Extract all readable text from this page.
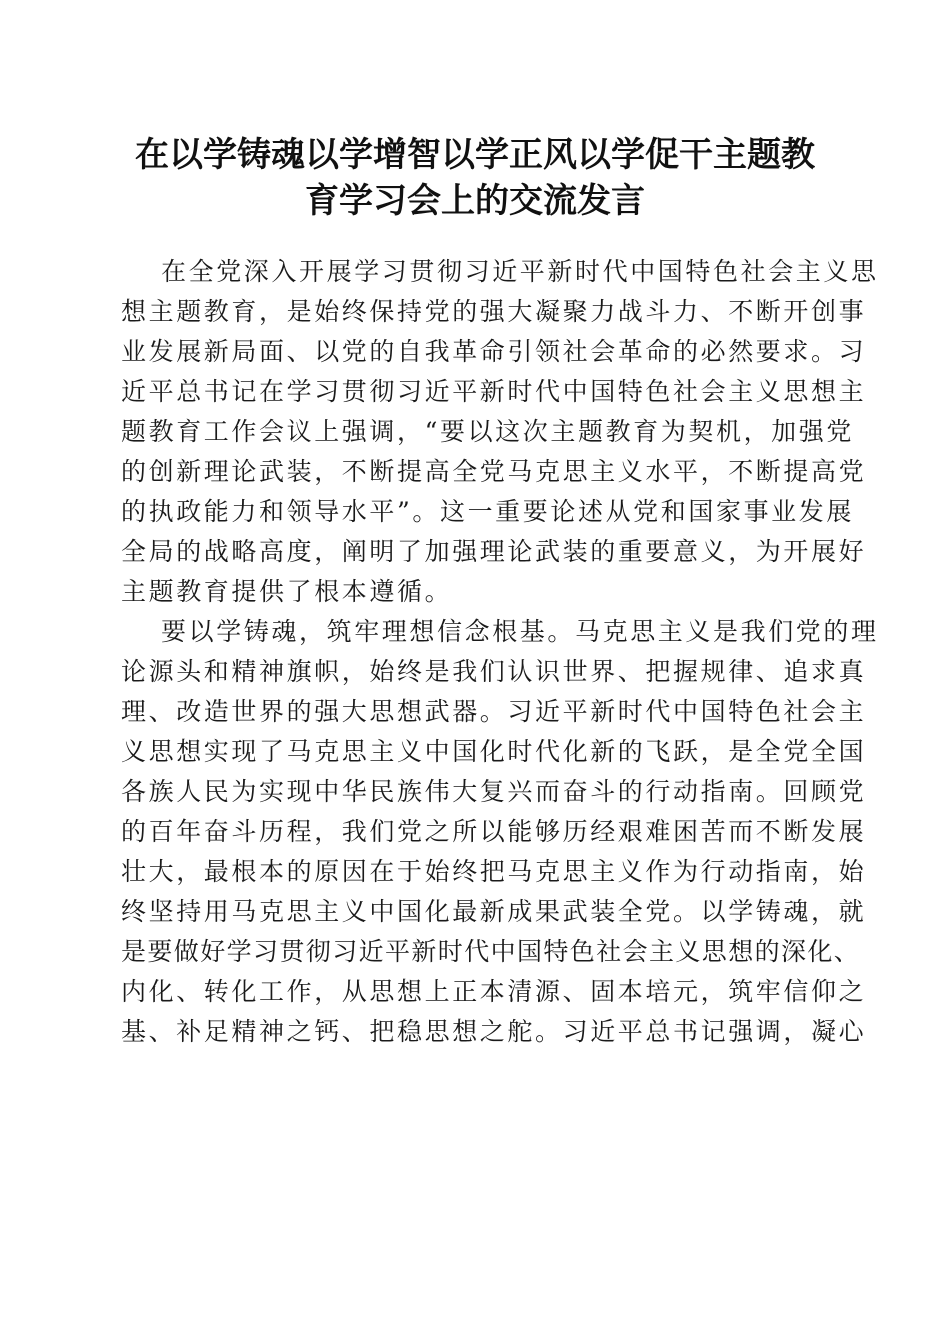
在以学铸魂以学增智以学正风以学促干主题教
育学习会上的交流发言
在全党深入开展学习贯彻习近平新时代中国特色社会主义思
想主题教育，是始终保持党的强大凝聚力战斗力、不断开创事
业发展新局面、以党的自我革命引领社会革命的必然要求。习
近平总书记在学习贯彻习近平新时代中国特色社会主义思想主
题教育工作会议上强调，“要以这次主题教育为契机，加强党
的创新理论武装，不断提高全党马克思主义水平，不断提高党
的执政能力和领导水平”。这一重要论述从党和国家事业发展
全局的战略高度，阐明了加强理论武装的重要意义，为开展好
主题教育提供了根本遵循。
要以学铸魂，筑牢理想信念根基。马克思主义是我们党的理
论源头和精神旗帜，始终是我们认识世界、把握规律、追求真
理、改造世界的强大思想武器。习近平新时代中国特色社会主
义思想实现了马克思主义中国化时代化新的飞跃，是全党全国
各族人民为实现中华民族伟大复兴而奋斗的行动指南。回顾党
的百年奋斗历程，我们党之所以能够历经艰难困苦而不断发展
壮大，最根本的原因在于始终把马克思主义作为行动指南，始
终坚持用马克思主义中国化最新成果武装全党。以学铸魂，就
是要做好学习贯彻习近平新时代中国特色社会主义思想的深化、
内化、转化工作，从思想上正本清源、固本培元，筑牢信仰之
基、补足精神之钙、把稳思想之舵。习近平总书记强调，凝心
